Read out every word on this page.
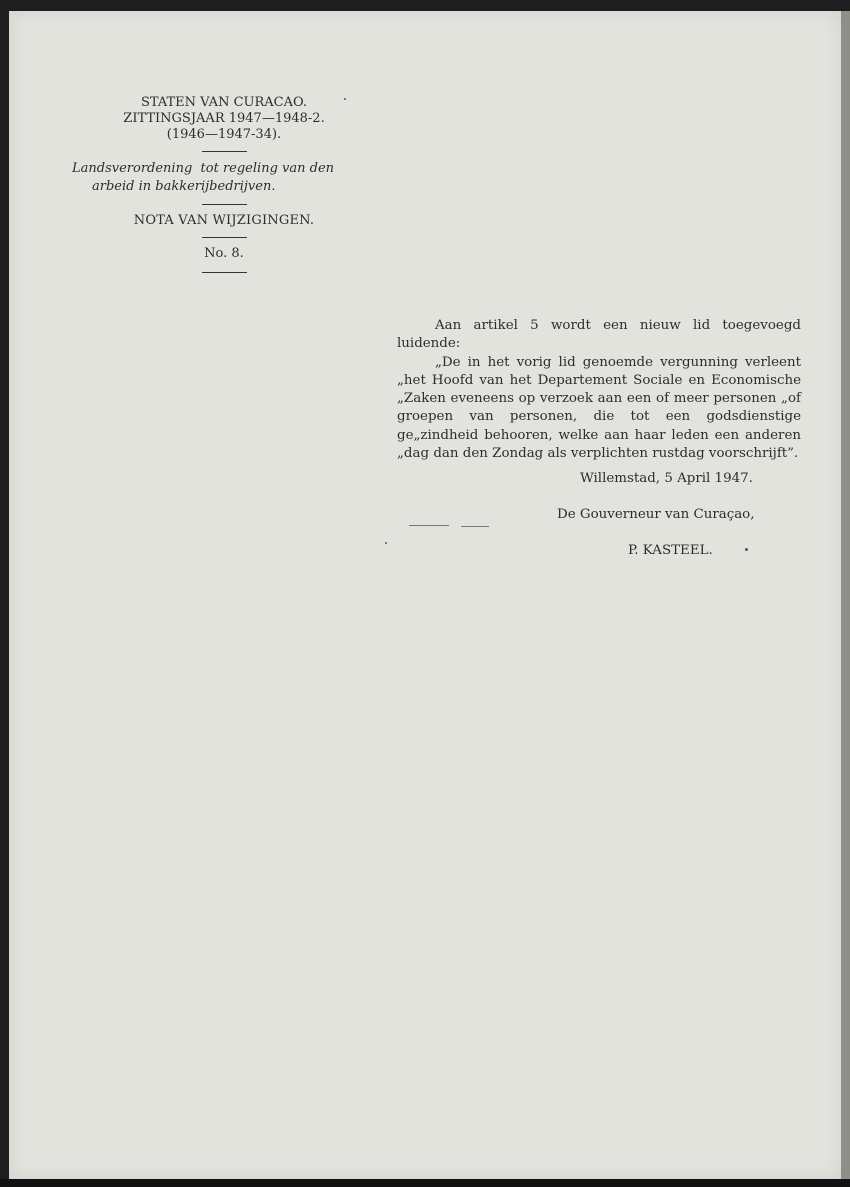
STATEN VAN CURACAO.
ZITTINGSJAAR 1947—1948-2.
(1946—1947-34).
Landsverordening  tot regeling van den
arbeid in bakkerijbedrijven.
NOTA VAN WIJZIGINGEN.
No. 8.
Aan artikel 5 wordt een nieuw lid toegevoegd luidende:
„De in het vorig lid genoemde vergunning verleent „het Hoofd van het Departement Sociale en Economische „Zaken eveneens op verzoek aan een of meer personen „of groepen van personen, die tot een godsdienstige ge„zindheid behooren, welke aan haar leden een anderen „dag dan den Zondag als verplichten rustdag voorschrijft”.
Willemstad, 5 April 1947.
De Gouverneur van Curaçao,
P. KASTEEL.
